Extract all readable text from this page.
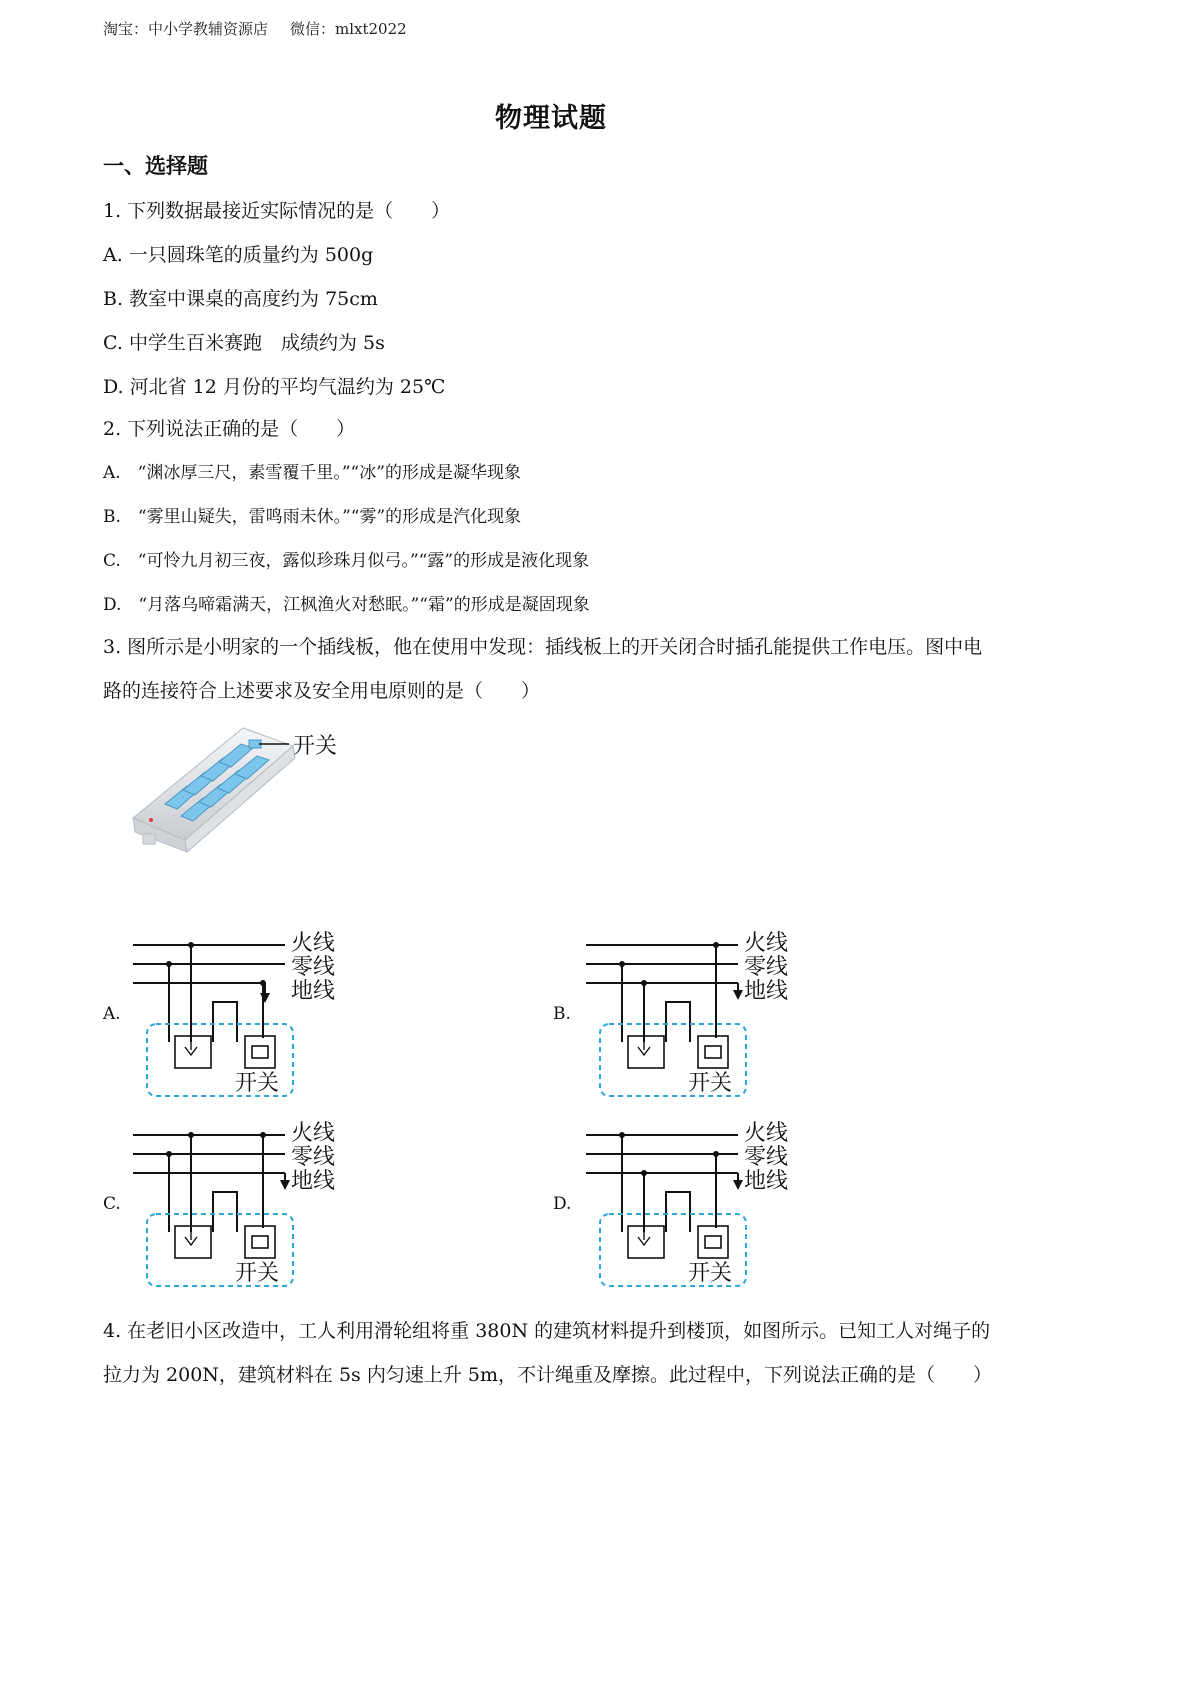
淘宝：中小学教辅资源店 微信：mlxt2022
物理试题
一、选择题
1. 下列数据最接近实际情况的是（　　）
A. 一只圆珠笔的质量约为 500g
B. 教室中课桌的高度约为 75cm
C. 中学生百米赛跑　成绩约为 5s
D. 河北省 12 月份的平均气温约为 25℃
2. 下列说法正确的是（　　）
A.　“渊冰厚三尺，素雪覆千里。”“冰”的形成是凝华现象
B.　“雾里山疑失，雷鸣雨未休。”“雾”的形成是汽化现象
C.　“可怜九月初三夜，露似珍珠月似弓。”“露”的形成是液化现象
D.　“月落乌啼霜满天，江枫渔火对愁眠。”“霜”的形成是凝固现象
3. 图所示是小明家的一个插线板，他在使用中发现：插线板上的开关闭合时插孔能提供工作电压。图中电
路的连接符合上述要求及安全用电原则的是（　　）
开关
A.	B.
C.	D.
火线
零线
地线
开关
火线
零线
地线
开关
火线
零线
地线
开关
火线
零线
地线
开关
4. 在老旧小区改造中，工人利用滑轮组将重 380N 的建筑材料提升到楼顶，如图所示。已知工人对绳子的
拉力为 200N，建筑材料在 5s 内匀速上升 5m，不计绳重及摩擦。此过程中，下列说法正确的是（　　）
